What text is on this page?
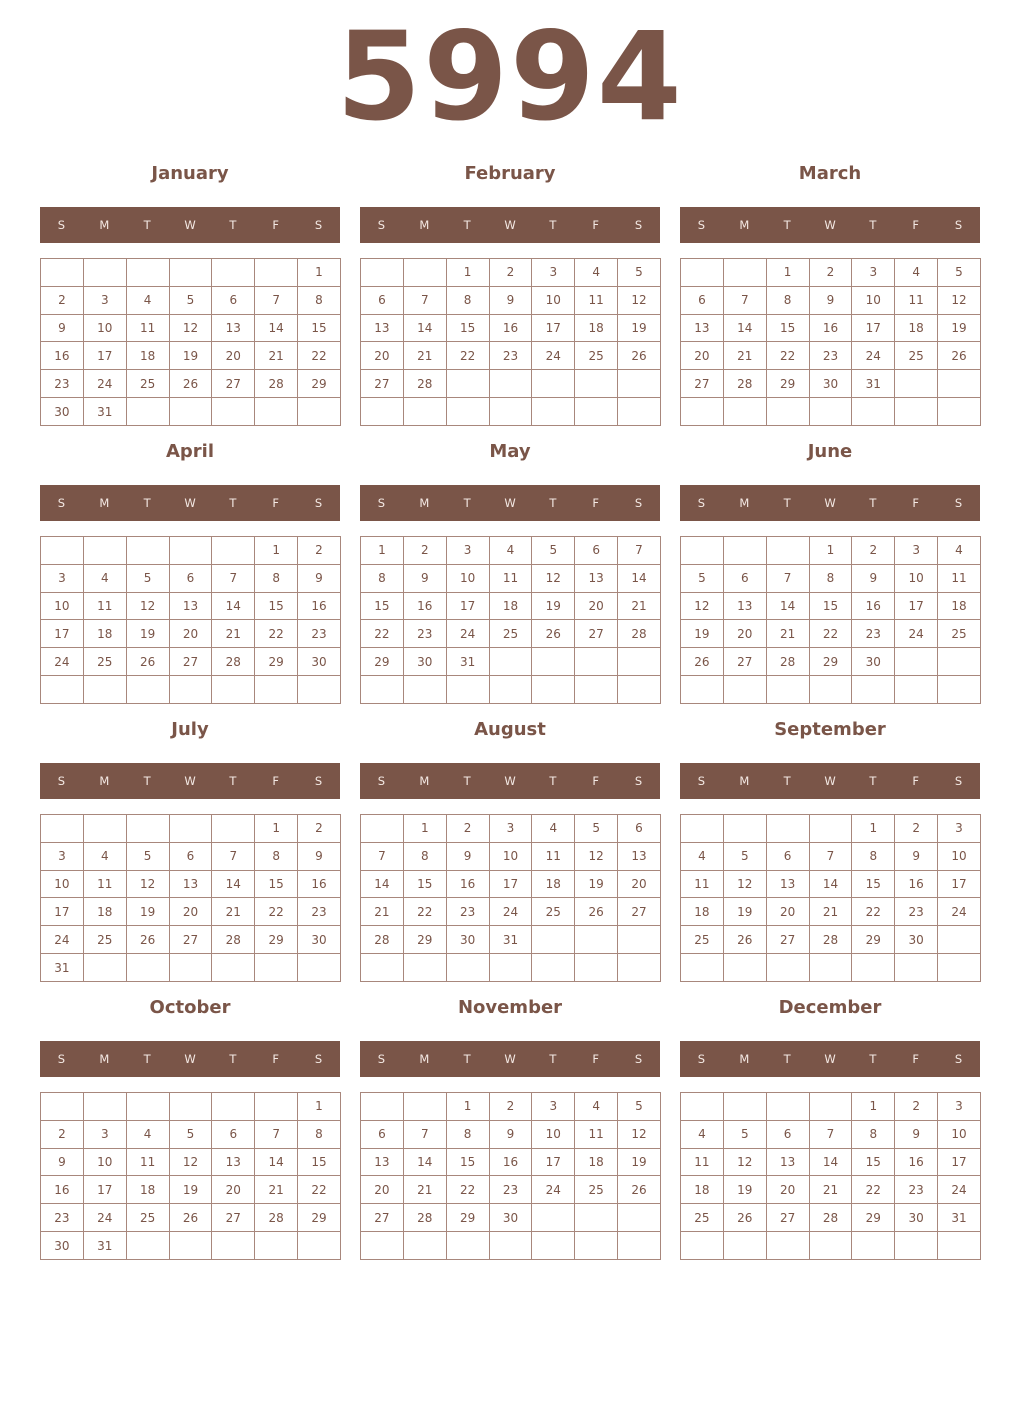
5994
January
S	M	T	W	T	F	S
						1
2	3	4	5	6	7	8
9	10	11	12	13	14	15
16	17	18	19	20	21	22
23	24	25	26	27	28	29
30	31					
February
S	M	T	W	T	F	S
		1	2	3	4	5
6	7	8	9	10	11	12
13	14	15	16	17	18	19
20	21	22	23	24	25	26
27	28					

March
S	M	T	W	T	F	S
		1	2	3	4	5
6	7	8	9	10	11	12
13	14	15	16	17	18	19
20	21	22	23	24	25	26
27	28	29	30	31		

April
S	M	T	W	T	F	S
					1	2
3	4	5	6	7	8	9
10	11	12	13	14	15	16
17	18	19	20	21	22	23
24	25	26	27	28	29	30

May
S	M	T	W	T	F	S
1	2	3	4	5	6	7
8	9	10	11	12	13	14
15	16	17	18	19	20	21
22	23	24	25	26	27	28
29	30	31				

June
S	M	T	W	T	F	S
			1	2	3	4
5	6	7	8	9	10	11
12	13	14	15	16	17	18
19	20	21	22	23	24	25
26	27	28	29	30		

July
S	M	T	W	T	F	S
					1	2
3	4	5	6	7	8	9
10	11	12	13	14	15	16
17	18	19	20	21	22	23
24	25	26	27	28	29	30
31						
August
S	M	T	W	T	F	S
	1	2	3	4	5	6
7	8	9	10	11	12	13
14	15	16	17	18	19	20
21	22	23	24	25	26	27
28	29	30	31			

September
S	M	T	W	T	F	S
				1	2	3
4	5	6	7	8	9	10
11	12	13	14	15	16	17
18	19	20	21	22	23	24
25	26	27	28	29	30	

October
S	M	T	W	T	F	S
						1
2	3	4	5	6	7	8
9	10	11	12	13	14	15
16	17	18	19	20	21	22
23	24	25	26	27	28	29
30	31					
November
S	M	T	W	T	F	S
		1	2	3	4	5
6	7	8	9	10	11	12
13	14	15	16	17	18	19
20	21	22	23	24	25	26
27	28	29	30			

December
S	M	T	W	T	F	S
				1	2	3
4	5	6	7	8	9	10
11	12	13	14	15	16	17
18	19	20	21	22	23	24
25	26	27	28	29	30	31
